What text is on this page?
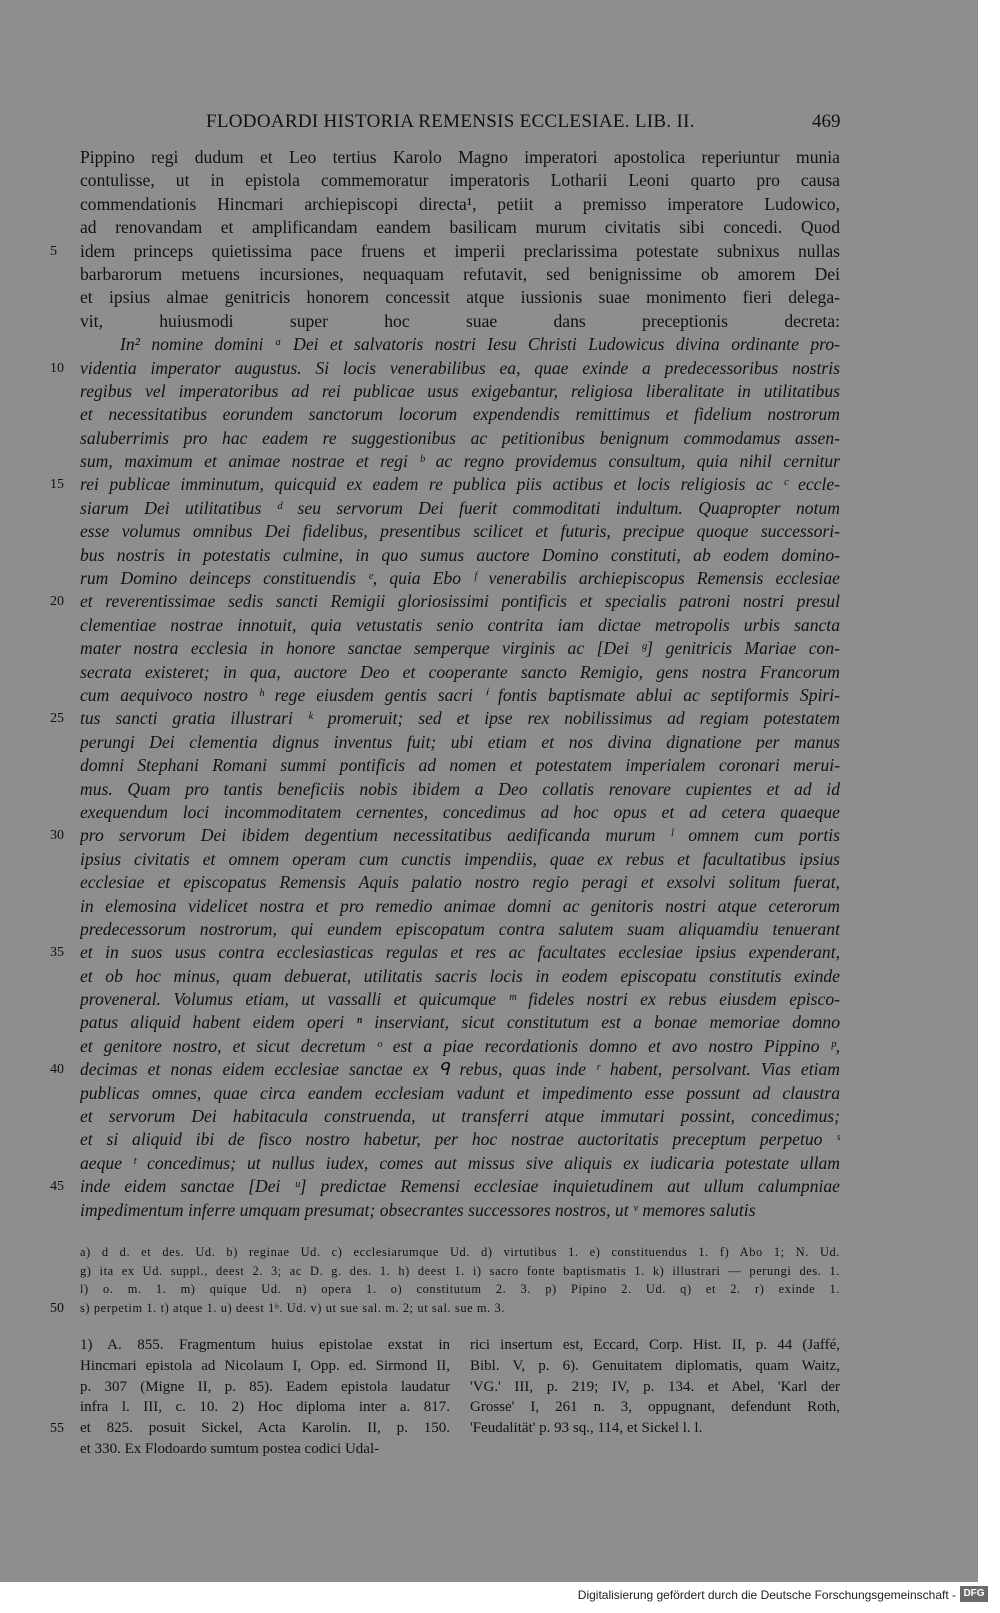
FLODOARDI HISTORIA REMENSIS ECCLESIAE. LIB. II.	469
Pippino regi dudum et Leo tertius Karolo Magno imperatori apostolica reperiuntur munia
contulisse, ut in epistola commemoratur imperatoris Lotharii Leoni quarto pro causa
commendationis Hincmari archiepiscopi directa¹, petiit a premisso imperatore Ludowico,
ad renovandam et amplificandam eandem basilicam murum civitatis sibi concedi. Quod
idem princeps quietissima pace fruens et imperii preclarissima potestate subnixus nullas
barbarorum metuens incursiones, nequaquam refutavit, sed benignissime ob amorem Dei
et ipsius almae genitricis honorem concessit atque iussionis suae monimento fieri delega-
vit, huiusmodi super hoc suae dans preceptionis decreta:
In² nomine domini ᵃ Dei et salvatoris nostri Iesu Christi Ludowicus divina ordinante pro-
videntia imperator augustus. Si locis venerabilibus ea, quae exinde a predecessoribus nostris
regibus vel imperatoribus ad rei publicae usus exigebantur, religiosa liberalitate in utilitatibus
et necessitatibus eorundem sanctorum locorum expendendis remittimus et fidelium nostrorum
saluberrimis pro hac eadem re suggestionibus ac petitionibus benignum commodamus assen-
sum, maximum et animae nostrae et regi ᵇ ac regno providemus consultum, quia nihil cernitur
rei publicae imminutum, quicquid ex eadem re publica piis actibus et locis religiosis ac ᶜ eccle-
siarum Dei utilitatibus ᵈ seu servorum Dei fuerit commoditati indultum. Quapropter notum
esse volumus omnibus Dei fidelibus, presentibus scilicet et futuris, precipue quoque successori-
bus nostris in potestatis culmine, in quo sumus auctore Domino constituti, ab eodem domino-
rum Domino deinceps constituendis ᵉ, quia Ebo ᶠ venerabilis archiepiscopus Remensis ecclesiae
et reverentissimae sedis sancti Remigii gloriosissimi pontificis et specialis patroni nostri presul
clementiae nostrae innotuit, quia vetustatis senio contrita iam dictae metropolis urbis sancta
mater nostra ecclesia in honore sanctae semperque virginis ac [Dei ᵍ] genitricis Mariae con-
secrata existeret; in qua, auctore Deo et cooperante sancto Remigio, gens nostra Francorum
cum aequivoco nostro ʰ rege eiusdem gentis sacri ⁱ fontis baptismate ablui ac septiformis Spiri-
tus sancti gratia illustrari ᵏ promeruit; sed et ipse rex nobilissimus ad regiam potestatem
perungi Dei clementia dignus inventus fuit; ubi etiam et nos divina dignatione per manus
domni Stephani Romani summi pontificis ad nomen et potestatem imperialem coronari merui-
mus. Quam pro tantis beneficiis nobis ibidem a Deo collatis renovare cupientes et ad id
exequendum loci incommoditatem cernentes, concedimus ad hoc opus et ad cetera quaeque
pro servorum Dei ibidem degentium necessitatibus aedificanda murum ˡ omnem cum portis
ipsius civitatis et omnem operam cum cunctis impendiis, quae ex rebus et facultatibus ipsius
ecclesiae et episcopatus Remensis Aquis palatio nostro regio peragi et exsolvi solitum fuerat,
in elemosina videlicet nostra et pro remedio animae domni ac genitoris nostri atque ceterorum
predecessorum nostrorum, qui eundem episcopatum contra salutem suam aliquamdiu tenuerant
et in suos usus contra ecclesiasticas regulas et res ac facultates ecclesiae ipsius expenderant,
et ob hoc minus, quam debuerat, utilitatis sacris locis in eodem episcopatu constitutis exinde
proveneral. Volumus etiam, ut vassalli et quicumque ᵐ fideles nostri ex rebus eiusdem episco-
patus aliquid habent eidem operi ⁿ inserviant, sicut constitutum est a bonae memoriae domno
et genitore nostro, et sicut decretum ᵒ est a piae recordationis domno et avo nostro Pippino ᵖ,
decimas et nonas eidem ecclesiae sanctae ex ᑫ rebus, quas inde ʳ habent, persolvant. Vias etiam
publicas omnes, quae circa eandem ecclesiam vadunt et impedimento esse possunt ad claustra
et servorum Dei habitacula construenda, ut transferri atque immutari possint, concedimus;
et si aliquid ibi de fisco nostro habetur, per hoc nostrae auctoritatis preceptum perpetuo ˢ
aeque ᵗ concedimus; ut nullus iudex, comes aut missus sive aliquis ex iudicaria potestate ullam
inde eidem sanctae [Dei ᵘ] predictae Remensi ecclesiae inquietudinem aut ullum calumpniae
impedimentum inferre umquam presumat; obsecrantes successores nostros, ut ᵛ memores salutis
a) d d. et des. Ud. b) reginae Ud. c) ecclesiarumque Ud. d) virtutibus 1. e) constituendus 1. f) Abo 1; N. Ud.
g) ita ex Ud. suppl., deest 2. 3; ac D. g. des. 1. h) deest 1. i) sacro fonte baptismatis 1. k) illustrari — perungi des. 1.
l) o. m. 1. m) quique Ud. n) opera 1. o) constitutum 2. 3. p) Pipino 2. Ud. q) et 2. r) exinde 1.
s) perpetim 1. t) atque 1. u) deest 1ᵇ. Ud. v) ut sue sal. m. 2; ut sal. sue m. 3.
1) A. 855. Fragmentum huius epistolae exstat in
Hincmari epistola ad Nicolaum I, Opp. ed. Sirmond II,
p. 307 (Migne II, p. 85). Eadem epistola laudatur
infra l. III, c. 10. 2) Hoc diploma inter a. 817.
et 825. posuit Sickel, Acta Karolin. II, p. 150.
et 330. Ex Flodoardo sumtum postea codici Udal-
rici insertum est, Eccard, Corp. Hist. II, p. 44 (Jaffé,
Bibl. V, p. 6). Genuitatem diplomatis, quam Waitz,
'VG.' III, p. 219; IV, p. 134. et Abel, 'Karl der
Grosse' I, 261 n. 3, oppugnant, defendunt Roth,
'Feudalität' p. 93 sq., 114, et Sickel l. l.
5
10
15
20
25
30
35
40
45
50
55
Digitalisierung gefördert durch die Deutsche Forschungsgemeinschaft - DFG
